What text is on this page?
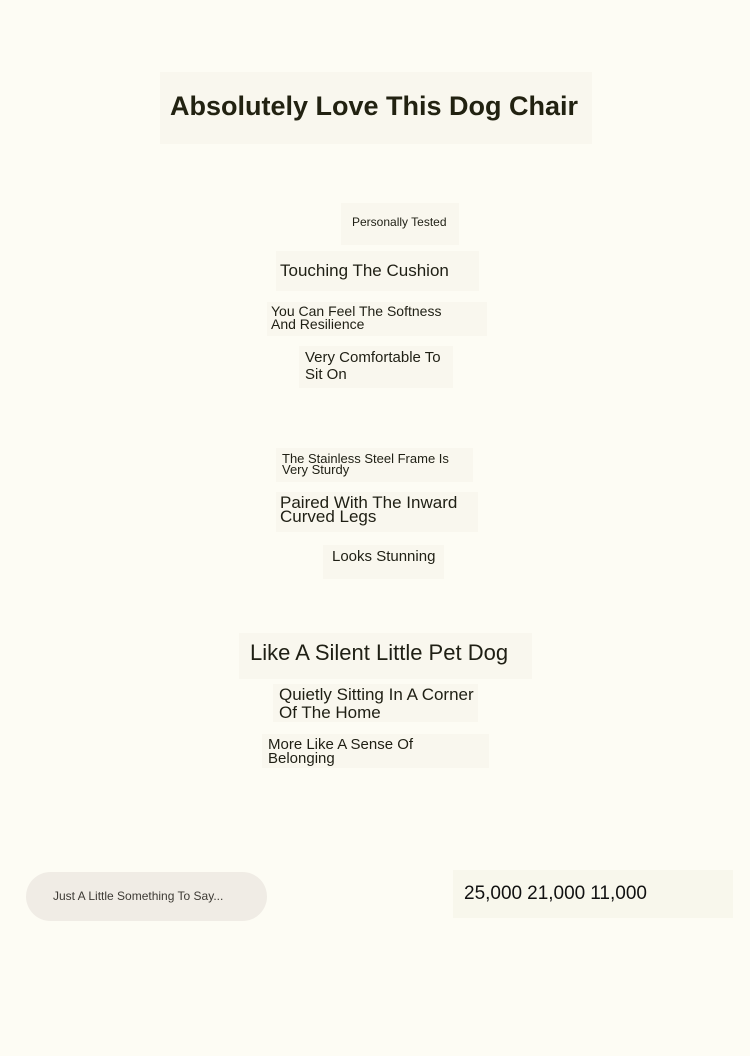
Absolutely Love This Dog Chair
Personally Tested
Touching The Cushion
You Can Feel The Softness And Resilience
Very Comfortable To Sit On
The Stainless Steel Frame Is Very Sturdy
Paired With The Inward Curved Legs
Looks Stunning
Like A Silent Little Pet Dog
Quietly Sitting In A Corner Of The Home
More Like A Sense Of Belonging
Just A Little Something To Say...	25,000 21,000 11,000
